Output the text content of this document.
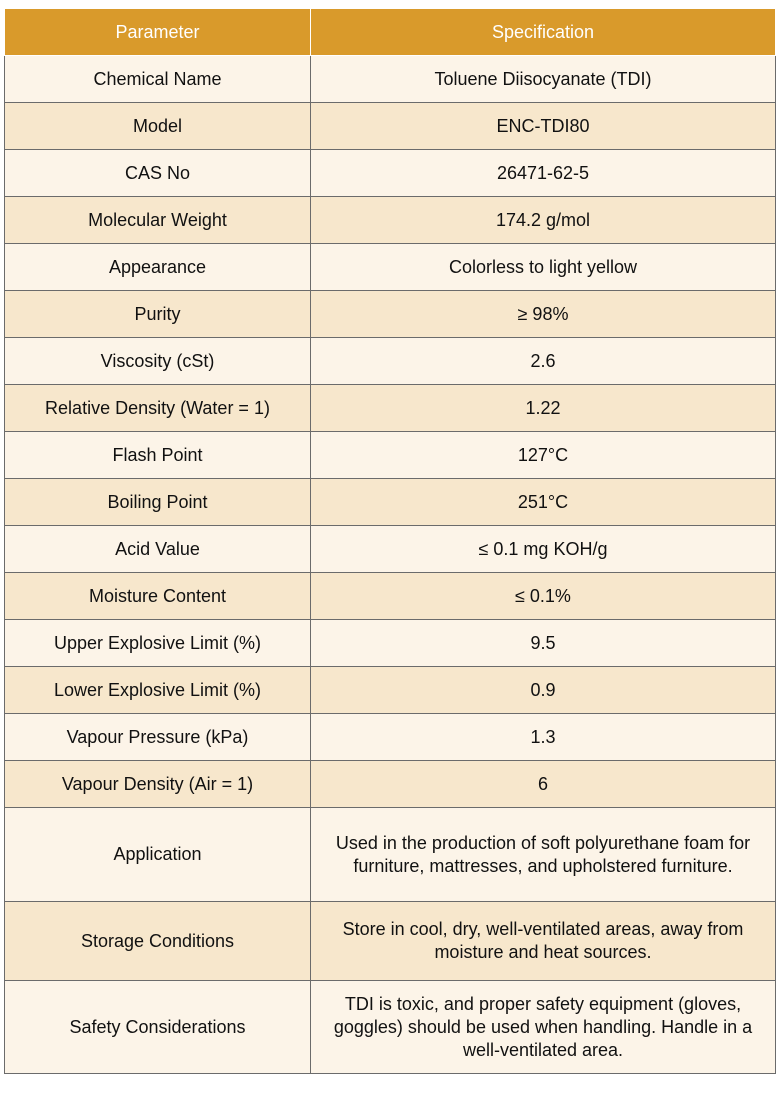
Parameter	Specification
Chemical Name	Toluene Diisocyanate (TDI)
Model	ENC-TDI80
CAS No	26471-62-5
Molecular Weight	174.2 g/mol
Appearance	Colorless to light yellow
Purity	≥ 98%
Viscosity (cSt)	2.6
Relative Density (Water = 1)	1.22
Flash Point	127°C
Boiling Point	251°C
Acid Value	≤ 0.1 mg KOH/g
Moisture Content	≤ 0.1%
Upper Explosive Limit (%)	9.5
Lower Explosive Limit (%)	0.9
Vapour Pressure (kPa)	1.3
Vapour Density (Air = 1)	6
Application	Used in the production of soft polyurethane foam for furniture, mattresses, and upholstered furniture.
Storage Conditions	Store in cool, dry, well-ventilated areas, away from moisture and heat sources.
Safety Considerations	TDI is toxic, and proper safety equipment (gloves, goggles) should be used when handling. Handle in a well-ventilated area.
